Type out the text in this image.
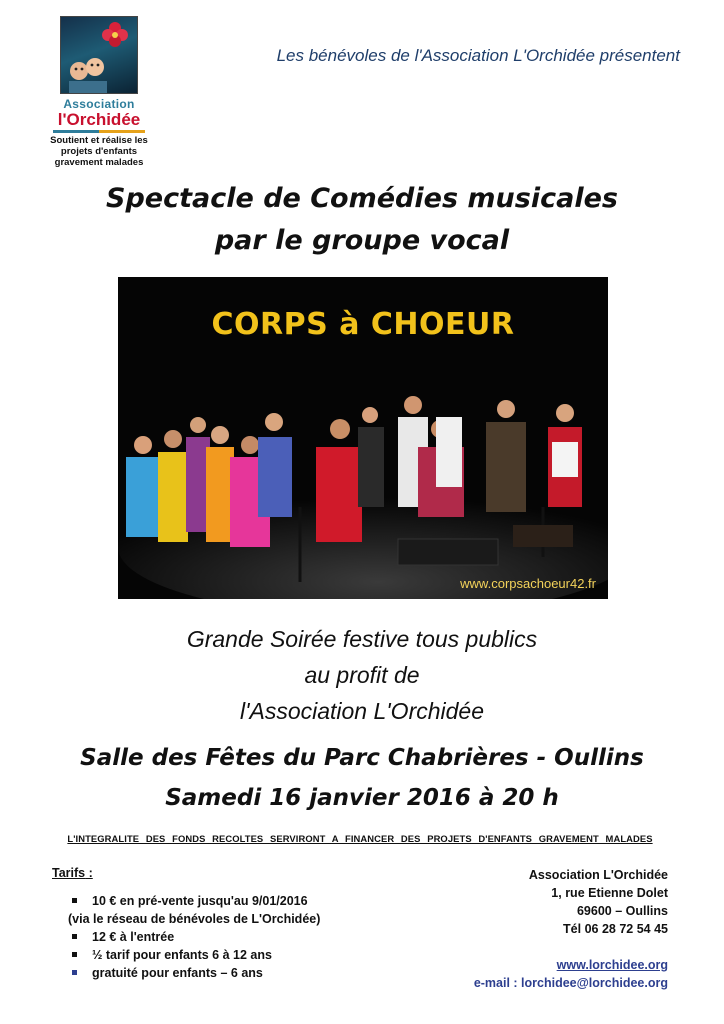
Association
l'Orchidée
Soutient et réalise les
projets d'enfants
gravement malades
Les bénévoles de l'Association L'Orchidée présentent
Spectacle de Comédies musicales
par le groupe vocal
CORPS à CHOEUR
www.corpsachoeur42.fr
Grande Soirée festive tous publics
au profit de
l'Association L'Orchidée
Salle des Fêtes du Parc Chabrières - Oullins
Samedi 16 janvier 2016 à 20 h
L'INTEGRALITE DES FONDS RECOLTES SERVIRONT A FINANCER DES PROJETS D'ENFANTS GRAVEMENT MALADES
Tarifs :
10 € en pré-vente jusqu'au 9/01/2016
(via le réseau de bénévoles de L'Orchidée)
12 € à l'entrée
½ tarif pour enfants 6 à 12 ans
gratuité pour enfants – 6 ans
Association L'Orchidée
1, rue Etienne Dolet
69600 – Oullins
Tél 06 28 72 54 45
www.lorchidee.org
e-mail : lorchidee@lorchidee.org
